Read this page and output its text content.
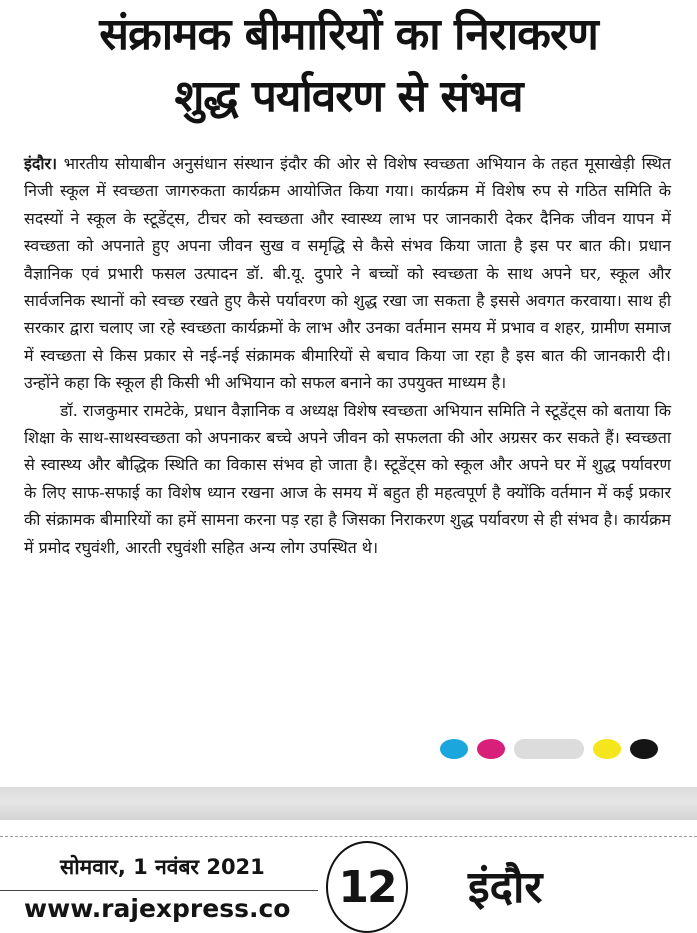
संक्रामक बीमारियों का निराकरण
शुद्ध पर्यावरण से संभव

इंदौर। भारतीय सोयाबीन अनुसंधान संस्थान इंदौर की ओर से विशेष स्वच्छता अभियान के तहत मूसाखेड़ी स्थित निजी स्कूल में स्वच्छता जागरुकता कार्यक्रम आयोजित किया गया। कार्यक्रम में विशेष रुप से गठित समिति के सदस्यों ने स्कूल के स्टूडेंट्स, टीचर को स्वच्छता और स्वास्थ्य लाभ पर जानकारी देकर दैनिक जीवन यापन में स्वच्छता को अपनाते हुए अपना जीवन सुख व समृद्धि से कैसे संभव किया जाता है इस पर बात की। प्रधान वैज्ञानिक एवं प्रभारी फसल उत्पादन डॉ. बी.यू. दुपारे ने बच्चों को स्वच्छता के साथ अपने घर, स्कूल और सार्वजनिक स्थानों को स्वच्छ रखते हुए कैसे पर्यावरण को शुद्ध रखा जा सकता है इससे अवगत करवाया। साथ ही सरकार द्वारा चलाए जा रहे स्वच्छता कार्यक्रमों के लाभ और उनका वर्तमान समय में प्रभाव व शहर, ग्रामीण समाज में स्वच्छता से किस प्रकार से नई-नई संक्रामक बीमारियों से बचाव किया जा रहा है इस बात की जानकारी दी। उन्होंने कहा कि स्कूल ही किसी भी अभियान को सफल बनाने का उपयुक्त माध्यम है।

डॉ. राजकुमार रामटेके, प्रधान वैज्ञानिक व अध्यक्ष विशेष स्वच्छता अभियान समिति ने स्टूडेंट्स को बताया कि शिक्षा के साथ-साथस्वच्छता को अपनाकर बच्चे अपने जीवन को सफलता की ओर अग्रसर कर सकते हैं। स्वच्छता से स्वास्थ्य और बौद्धिक स्थिति का विकास संभव हो जाता है। स्टूडेंट्स को स्कूल और अपने घर में शुद्ध पर्यावरण के लिए साफ-सफाई का विशेष ध्यान रखना आज के समय में बहुत ही महत्वपूर्ण है क्योंकि वर्तमान में कई प्रकार की संक्रामक बीमारियों का हमें सामना करना पड़ रहा है जिसका निराकरण शुद्ध पर्यावरण से ही संभव है। कार्यक्रम में प्रमोद रघुवंशी, आरती रघुवंशी सहित अन्य लोग उपस्थित थे।

सोमवार, 1 नवंबर 2021
www.rajexpress.co 12 इंदौर
